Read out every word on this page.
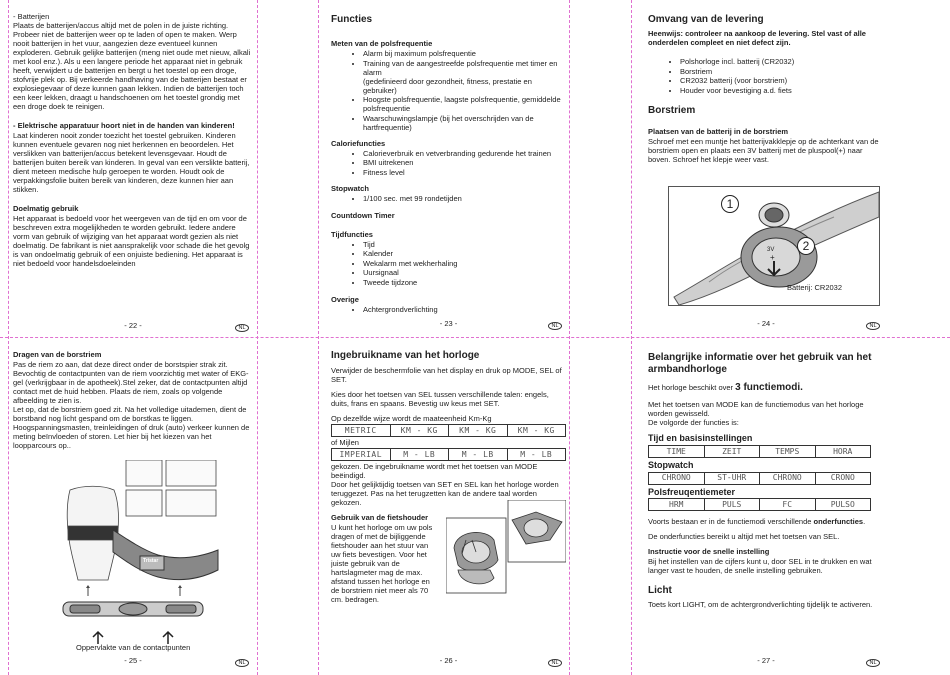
- Batterijen
Plaats de batterijen/accus altijd met de polen in de juiste richting. Probeer niet de batterijen weer op te laden of open te maken. Werp nooit batterijen in het vuur, aangezien deze eventueel kunnen exploderen. Gebruik gelijke batterijen (meng niet oude met nieuw, alkali met kool enz.). Als u een langere periode het apparaat niet in gebruik heeft, verwijdert u de batterijen en bergt u het toestel op een droge, stofvrije plek op. Bij verkeerde handhaving van de batterijen bestaat er explosiegevaar of deze kunnen gaan lekken. Indien de batterijen toch een keer lekken, draagt u handschoenen om het toestel grondig met een droge doek te reinigen.
- Elektrische apparatuur hoort niet in de handen van kinderen!
Laat kinderen nooit zonder toezicht het toestel gebruiken. Kinderen kunnen eventuele gevaren nog niet herkennen en beoordelen. Het verslikken van batterijen/accus betekent levensgevaar. Houdt de batterijen buiten bereik van kinderen. In geval van een verslikte batterij, dient meteen medische hulp geroepen te worden. Houdt ook de verpakkingsfolie buiten bereik van kinderen, deze kunnen hier aan stikken.
Doelmatig gebruik
Het apparaat is bedoeld voor het weergeven van de tijd en om voor de beschreven extra mogelijkheden te worden gebruikt. Iedere andere vorm van gebruik of wijziging van het apparaat wordt gezien als niet doelmatig. De fabrikant is niet aansprakelijk voor schade die het gevolg is van ondoelmatig gebruik of een onjuiste bediening. Het apparaat is niet bedoeld voor handelsdoeleinden
- 22 -	NL
Functies
Meten van de polsfrequentie
• Alarm bij maximum polsfrequentie
• Training van de aangestreefde polsfrequentie met timer en alarm
(gedefinieerd door gezondheit, fitness, prestatie en gebruiker)
• Hoogste polsfrequentie, laagste polsfrequentie, gemiddelde polsfrequentie
• Waarschuwingslampje (bij het overschrijden van de hartfrequentie)
Caloriefuncties
• Calorieverbruik en vetverbranding gedurende het trainen
• BMI uitrekenen
• Fitness level
Stopwatch
• 1/100 sec. met 99 rondetijden
Countdown Timer
Tijdfuncties
• Tijd
• Kalender
• Wekalarm met wekherhaling
• Uursignaal
• Tweede tijdzone
Overige
• Achtergrondverlichting
- 23 -	NL
Omvang van de levering
Heenwijs: controleer na aankoop de levering. Stel vast of alle onderdelen compleet en niet defect zijn.
• Polshorloge incl. batterij (CR2032)
• Borstriem
• CR2032 batterij (voor borstriem)
• Houder voor bevestiging a.d. fiets
Borstriem
Plaatsen van de batterij in de borstriem
Schroef met een muntje het batterijvakklepje op de achterkant van de borstriem open en plaats een 3V batterij met de pluspool(+) naar boven. Schroef het klepje weer vast.
1
2
3V
+
Batterij: CR2032
- 24 -	NL
Dragen van de borstriem
Pas de riem zo aan, dat deze direct onder de borstspier strak zit. Bevochtig de contactpunten van de riem voorzichtig met water of EKG-gel (verkrijgbaar in de apotheek).Stel zeker, dat de contactpunten altijd contact met de huid hebben. Plaats de riem, zoals op volgende afbeelding te zien is.
Let op, dat de borstriem goed zit. Na het volledige uitademen, dient de borstband nog licht gespand om de borstkas te liggen. Hoogspanningsmasten, treinleidingen of druk (auto) verkeer kunnen de meting beïnvloeden of storen. Let hier bij het kiezen van het loopparcours op..
Tristar
Oppervlakte van de contactpunten
- 25 -	NL
Ingebruikname van het horloge
Verwijder de beschermfolie van het display en druk op MODE, SEL of SET.
Kies door het toetsen van SEL tussen verschillende talen: engels, duits, frans en spaans. Bevestig uw keus met SET.
Op dezelfde wijze wordt de maateenheid Km-Kg
METRIC	KM - KG	KM - KG	KM - KG
of Mijlen
IMPERIAL	M - LB	M - LB	M - LB
gekozen. De ingebruikname wordt met het toetsen van MODE beëindigd.
Door het gelijktijdig toetsen van SET en SEL kan het horloge worden teruggezet. Pas na het terugzetten kan de andere taal worden gekozen.
Gebruik van de fietshouder
U kunt het horloge om uw pols dragen of met de bijliggende fietshouder aan het stuur van uw fiets bevestigen. Voor het juiste gebruik van de hartslagmeter mag de max. afstand tussen het horloge en de borstriem niet meer als 70 cm. bedragen.
- 26 -	NL
Belangrijke informatie over het gebruik van het armbandhorloge
Het horloge beschikt over 3 functiemodi.
Met het toetsen van MODE kan de functiemodus van het horloge worden gewisseld.
De volgorde der functies is:
Tijd en basisinstellingen
TIME	ZEIT	TEMPS	HORA
Stopwatch
CHRONO	ST-UHR	CHRONO	CRONO
Polsfreuqentiemeter
HRM	PULS	FC	PULSO
Voorts bestaan er in de functiemodi verschillende onderfuncties.
De onderfuncties bereikt u altijd met het toetsen van SEL.
Instructie voor de snelle instelling
Bij het instellen van de cijfers kunt u, door SEL in te drukken en wat langer vast te houden, de snelle instelling gebruiken.
Licht
Toets kort LIGHT, om de achtergrondverlichting tijdelijk te activeren.
- 27 -	NL
